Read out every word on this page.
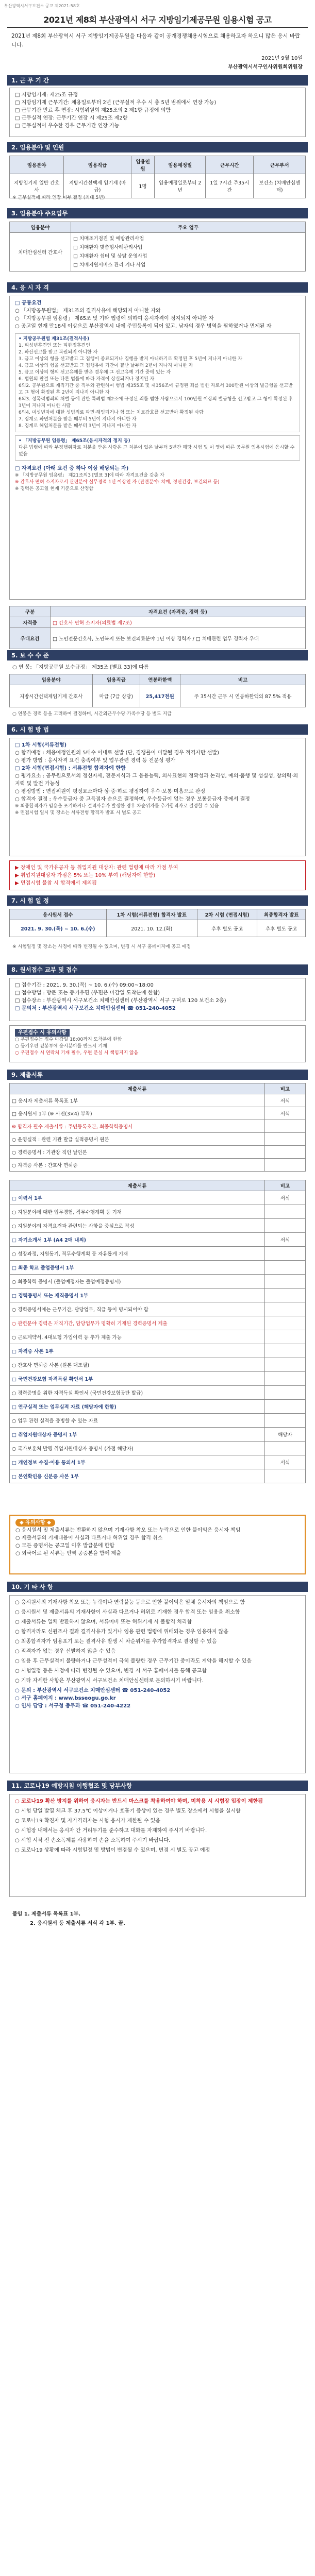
부산광역시서구보건소 공고 제2021-58호
2021년 제8회 부산광역시 서구 지방임기제공무원 임용시험 공고
2021년 제8회 부산광역시 서구 지방임기제공무원을 다음과 같이 공개경쟁채용시험으로 채용하고자 하오니 많은 응시 바랍니다.
2021년 9월 10일
부산광역시서구인사위원회위원장
1. 근 무 기 간
□ 지방임기제: 제25조 규정
□ 지방임기제 근무기간: 채용일로부터 2년 (근무실적 우수 시 총 5년 범위에서 연장 가능)
□ 근무기간 만료 후 연장: 시험위원회 제25조의 2 제1항 규정에 의함
□ 근무실적 연장: 근무기간 연장 시 제25조 제2항
□ 근무실적이 우수한 경우 근무기간 연장 가능
2. 임용분야 및 인원
임용분야	임용직급	임용인원	임용예정일	근무시간	근무부서
지방임기제 일반 간호사	지방시간선택제 임기제 (마급)	1명	임용예정일로부터 2년	1일 7시간 주35시간	보건소 (치매안심센터)
※ 근무실적에 따라 연장 여부 결정 (최대 5년)
3. 임용분야 주요업무
임용분야	주요 업무
치매안심센터 간호사	□ 치매조기검진 및 예방관리사업
□ 치매환자 맞춤형사례관리사업
□ 치매환자 쉼터 및 상담 운영사업
□ 치매지원서비스 관리 기타 사업
4. 응 시 자 격
□ 공통요건
○ 「지방공무원법」 제31조의 결격사유에 해당되지 아니한 자와
○ 「지방공무원 임용령」 제65조 및 기타 법령에 의하여 응시자격이 정지되지 아니한 자
○ 공고일 현재 만18세 이상으로 부산광역시 내에 주민등록이 되어 있고, 남자의 경우 병역을 필하였거나 면제된 자
• 지방공무원법 제31조(결격사유)
1. 피성년후견인 또는 피한정후견인
2. 파산선고를 받고 복권되지 아니한 자
3. 금고 이상의 형을 선고받고 그 집행이 종료되거나 집행을 받지 아니하기로 확정된 후 5년이 지나지 아니한 자
4. 금고 이상의 형을 선고받고 그 집행유예 기간이 끝난 날부터 2년이 지나지 아니한 자
5. 금고 이상의 형의 선고유예를 받은 경우에 그 선고유예 기간 중에 있는 자
6. 법원의 판결 또는 다른 법률에 따라 자격이 상실되거나 정지된 자
6의2. 공무원으로 재직기간 중 직무와 관련하여 형법 제355조 및 제356조에 규정된 죄를 범한 자로서 300만원 이상의 벌금형을 선고받고 그 형이 확정된 후 2년이 지나지 아니한 자
6의3. 성폭력범죄의 처벌 등에 관한 특례법 제2조에 규정된 죄를 범한 사람으로서 100만원 이상의 벌금형을 선고받고 그 형이 확정된 후 3년이 지나지 아니한 사람
6의4. 미성년자에 대한 성범죄로 파면·해임되거나 형 또는 치료감호를 선고받아 확정된 사람
7. 징계로 파면처분을 받은 때부터 5년이 지나지 아니한 자
8. 징계로 해임처분을 받은 때부터 3년이 지나지 아니한 자
• 「지방공무원 임용령」 제65조(응시자격의 정지 등)
다른 법령에 따라 부정행위자로 처분을 받은 사람은 그 처분이 있은 날부터 5년간 해당 시험 및 이 영에 따른 공무원 임용시험에 응시할 수 없음
□ 자격요건 (아래 요건 중 하나 이상 해당되는 자)
※ 「지방공무원 임용령」 제21조의3 [별표 3]에 따라 자격요건을 갖춘 자
※ 간호사 면허 소지자로서 관련분야 실무경력 1년 이상인 자 (관련분야: 치매, 정신건강, 보건의료 등)
※ 경력은 공고일 현재 기준으로 산정함
구분	자격요건 (자격증, 경력 등)
자격증	□ 간호사 면허 소지자(의료법 제7조)
우대요건	□ 노인전문간호사, 노인복지 또는 보건의료분야 1년 이상 경력자 / □ 치매관련 업무 경력자 우대
5. 보 수 수 준
○ 연 봉: 「지방공무원 보수규정」 제35조 [별표 33]에 따름
임용분야	임용직급	연봉하한액	비고
지방시간선택제임기제 간호사	마급 (7급 상당)	25,417천원	주 35시간 근무 시 연봉하한액의 87.5% 적용
○ 연봉은 경력 등을 고려하여 결정하며, 시간외근무수당·가족수당 등 별도 지급
6. 시 험 방 법
□ 1차 시험(서류전형)
○ 합격예정 : 채용예정인원의 5배수 이내로 선발 (단, 경쟁률이 미달될 경우 적격자만 선발)
○ 평가 방법 : 응시자격 요건 충족여부 및 업무관련 경력 등 전문성 평가
□ 2차 시험(면접시험) : 서류전형 합격자에 한함
○ 평가요소 : 공무원으로서의 정신자세, 전문지식과 그 응용능력, 의사표현의 정확성과 논리성, 예의·품행 및 성실성, 창의력·의지력 및 발전 가능성
○ 평정방법 : 면접위원이 평정요소마다 상·중·하로 평정하여 우수·보통·미흡으로 판정
○ 합격자 결정 : 우수등급자 중 고득점자 순으로 결정하며, 우수등급이 없는 경우 보통등급자 중에서 결정
※ 최종합격자가 임용을 포기하거나 결격사유가 발생한 경우 차순위자를 추가합격자로 결정할 수 있음
※ 면접시험 일시 및 장소는 서류전형 합격자 발표 시 별도 공고
▶ 장애인 및 국가유공자 등 취업지원 대상자: 관련 법령에 따라 가점 부여
▶ 취업지원대상자 가점은 5% 또는 10% 부여 (해당자에 한함)
▶ 면접시험 불참 시 합격에서 제외됨
7. 시 험 일 정
응시원서 접수	1차 시험(서류전형) 합격자 발표	2차 시험 (면접시험)	최종합격자 발표
2021. 9. 30.(목) ~ 10. 6.(수)	2021. 10. 12.(화)	추후 별도 공고	추후 별도 공고
※ 시험일정 및 장소는 사정에 따라 변경될 수 있으며, 변경 시 서구 홈페이지에 공고 예정
8. 원서접수 교부 및 접수
□ 접수기간 : 2021. 9. 30.(목) ~ 10. 6.(수) 09:00~18:00
□ 접수방법 : 방문 또는 등기우편 (우편은 마감일 도착분에 한함)
□ 접수장소 : 부산광역시 서구보건소 치매안심센터 (부산광역시 서구 구덕로 120 보건소 2층)
□ 문의처 : 부산광역시 서구보건소 치매안심센터 ☎ 051-240-4052
우편접수 시 유의사항
○ 우편접수는 접수 마감일 18:00까지 도착분에 한함
○ 등기우편 겉봉투에 응시분야를 반드시 기재
○ 우편접수 시 연락처 기재 필수, 우편 분실 시 책임지지 않음
9. 제출서류
제출서류	비고
□ 응시자 제출서류 목록표 1부	서식
□ 응시원서 1부 (※ 사진(3×4) 부착)	서식
※ 합격자 필수 제출서류 : 주민등록초본, 최종학력증명서	
○ 운영실적 : 관련 기관 발급 실적증명서 원본	
○ 경력증명서 : 기관장 직인 날인본	
○ 자격증 사본 : 간호사 면허증	
제출서류	비고
□ 이력서 1부	서식
○ 지원분야에 대한 업무경험, 직무수행계획 등 기재	
○ 지원분야의 자격요건과 관련되는 사항을 중심으로 작성	
□ 자기소개서 1부 (A4 2매 내외)	서식
○ 성장과정, 지원동기, 직무수행계획 등 자유롭게 기재	
□ 최종 학교 졸업증명서 1부	
○ 최종학력 증명서 (졸업예정자는 졸업예정증명서)	
□ 경력증명서 또는 재직증명서 1부	
○ 경력증명서에는 근무기간, 담당업무, 직급 등이 명시되어야 함	
○ 관련분야 경력은 재직기간, 담당업무가 명확히 기재된 경력증명서 제출	
○ 근로계약서, 4대보험 가입이력 등 추가 제출 가능	
□ 자격증 사본 1부	
○ 간호사 면허증 사본 (원본 대조필)	
□ 국민건강보험 자격득실 확인서 1부	
○ 경력증명을 위한 자격득실 확인서 (국민건강보험공단 발급)	
□ 연구실적 또는 업무실적 자료 (해당자에 한함)	
○ 업무 관련 실적을 증빙할 수 있는 자료	
□ 취업지원대상자 증명서 1부	해당자
○ 국가보훈처 발행 취업지원대상자 증명서 (가점 해당자)	
□ 개인정보 수집·이용 동의서 1부	서식
□ 본인확인용 신분증 사본 1부	
◆ 유의사항 ◆
○ 응시원서 및 제출서류는 반환하지 않으며 기재사항 착오 또는 누락으로 인한 불이익은 응시자 책임
○ 제출서류의 기재내용이 사실과 다르거나 허위일 경우 합격 취소
○ 모든 증명서는 공고일 이후 발급분에 한함
○ 외국어로 된 서류는 번역 공증본을 함께 제출
10. 기 타 사 항
○ 응시원서의 기재사항 착오 또는 누락이나 연락불능 등으로 인한 불이익은 일체 응시자의 책임으로 함
○ 응시원서 및 제출서류의 기재사항이 사실과 다르거나 허위로 기재한 경우 합격 또는 임용을 취소함
○ 제출서류는 일체 반환하지 않으며, 서류미비 또는 허위기재 시 불합격 처리함
○ 합격자라도 신원조사 결과 결격사유가 있거나 임용 관련 법령에 위배되는 경우 임용하지 않음
○ 최종합격자가 임용포기 또는 결격사유 발생 시 차순위자를 추가합격자로 결정할 수 있음
○ 적격자가 없는 경우 선발하지 않을 수 있음
○ 임용 후 근무실적이 불량하거나 근무성적이 극히 불량한 경우 근무기간 중이라도 계약을 해지할 수 있음
○ 시험일정 등은 사정에 따라 변경될 수 있으며, 변경 시 서구 홈페이지를 통해 공고함
○ 기타 자세한 사항은 부산광역시 서구보건소 치매안심센터로 문의하시기 바랍니다.
○ 문의 : 부산광역시 서구보건소 치매안심센터 ☎ 051-240-4052
○ 서구 홈페이지 : www.bsseogu.go.kr
○ 인사 담당 : 서구청 총무과 ☎ 051-240-4222
11. 코로나19 예방지침 이행협조 및 당부사항
○ 코로나19 확산 방지를 위하여 응시자는 반드시 마스크를 착용하여야 하며, 미착용 시 시험장 입장이 제한됨
○ 시험 당일 발열 체크 후 37.5℃ 이상이거나 호흡기 증상이 있는 경우 별도 장소에서 시험을 실시함
○ 코로나19 확진자 및 자가격리자는 시험 응시가 제한될 수 있음
○ 시험장 내에서는 응시자 간 거리두기를 준수하고 대화를 자제하여 주시기 바랍니다.
○ 시험 시작 전 손소독제를 사용하여 손을 소독하여 주시기 바랍니다.
○ 코로나19 상황에 따라 시험일정 및 방법이 변경될 수 있으며, 변경 시 별도 공고 예정
붙임 1. 제출서류 목록표 1부.
2. 응시원서 등 제출서류 서식 각 1부. 끝.
